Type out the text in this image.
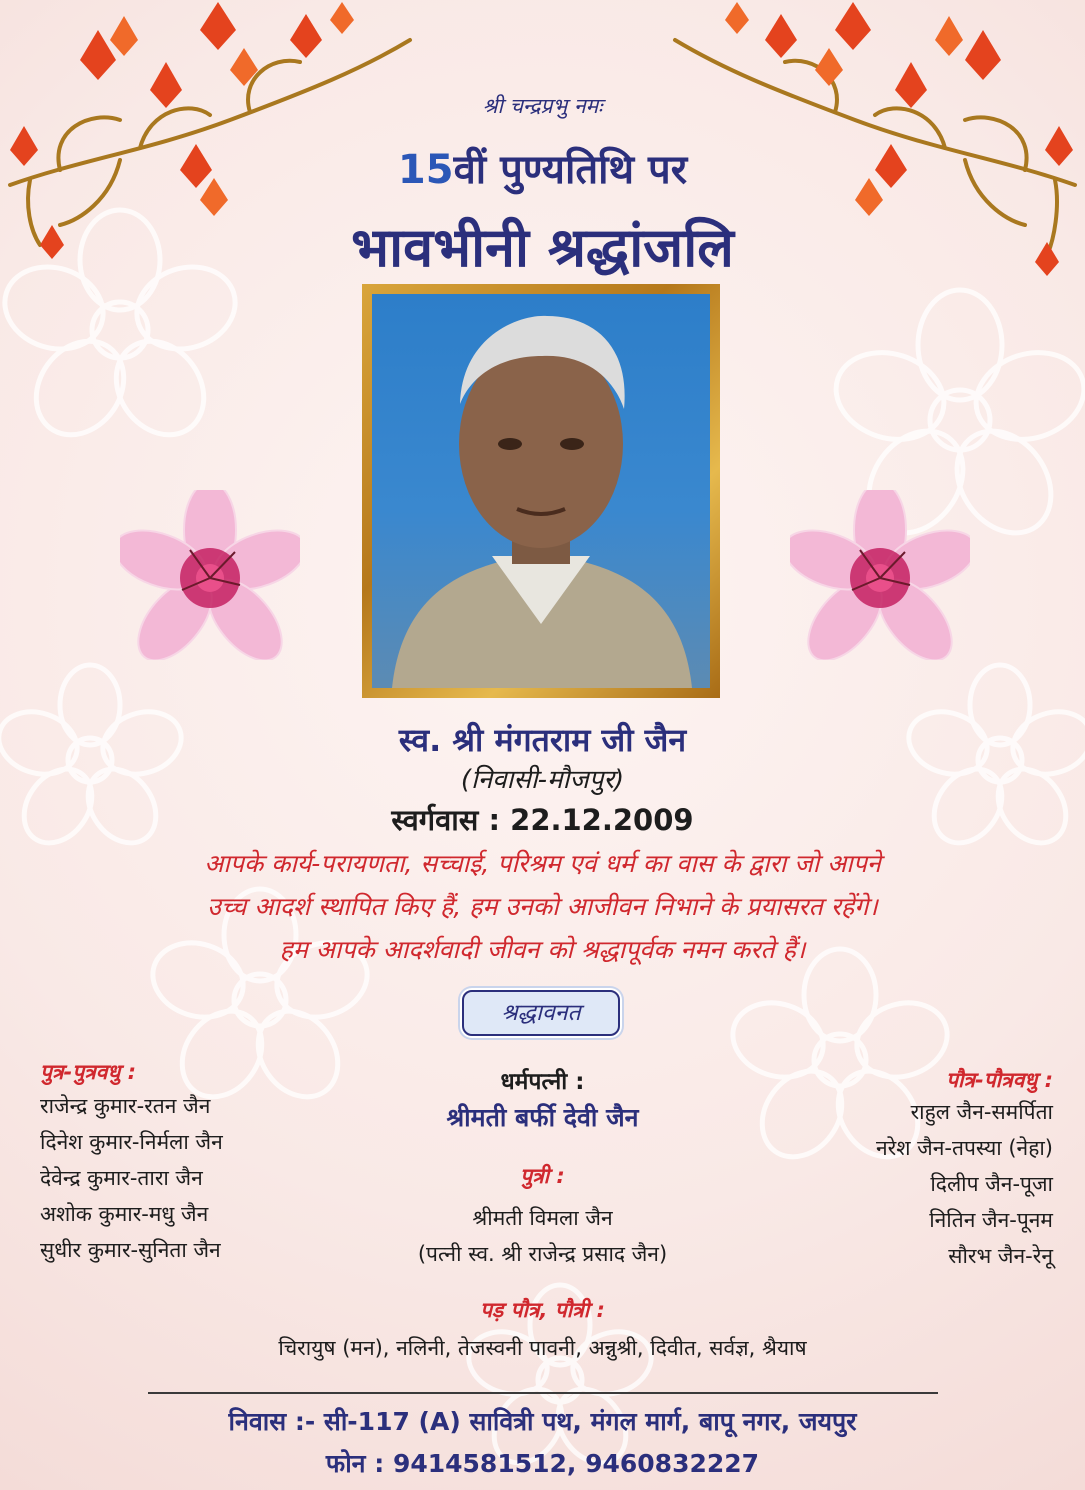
श्री चन्द्रप्रभु नमः
15वीं पुण्यतिथि पर
भावभीनी श्रद्धांजलि
स्व. श्री मंगतराम जी जैन
(निवासी-मौजपुर)
स्वर्गवास : 22.12.2009

आपके कार्य-परायणता, सच्चाई, परिश्रम एवं धर्म का वास के द्वारा जो आपने

उच्च आदर्श स्थापित किए हैं, हम उनको आजीवन निभाने के प्रयासरत रहेंगे।

हम आपके आदर्शवादी जीवन को श्रद्धापूर्वक नमन करते हैं।

श्रद्धावनत
पुत्र-पुत्रवधु :
राजेन्द्र कुमार-रतन जैन
दिनेश कुमार-निर्मला जैन
देवेन्द्र कुमार-तारा जैन
अशोक कुमार-मधु जैन
सुधीर कुमार-सुनिता जैन
धर्मपत्नी :
श्रीमती बर्फी देवी जैन
पुत्री :
श्रीमती विमला जैन
(पत्नी स्व. श्री राजेन्द्र प्रसाद जैन)
पौत्र-पौत्रवधु :
राहुल जैन-समर्पिता
नरेश जैन-तपस्या (नेहा)
दिलीप जैन-पूजा
नितिन जैन-पूनम
सौरभ जैन-रेनू
पड़ पौत्र, पौत्री :
चिरायुष (मन), नलिनी, तेजस्वनी पावनी, अन्नुश्री, दिवीत, सर्वज्ञ, श्रैयाष
निवास :- सी-117 (A) सावित्री पथ, मंगल मार्ग, बापू नगर, जयपुर
फोन : 9414581512, 9460832227
